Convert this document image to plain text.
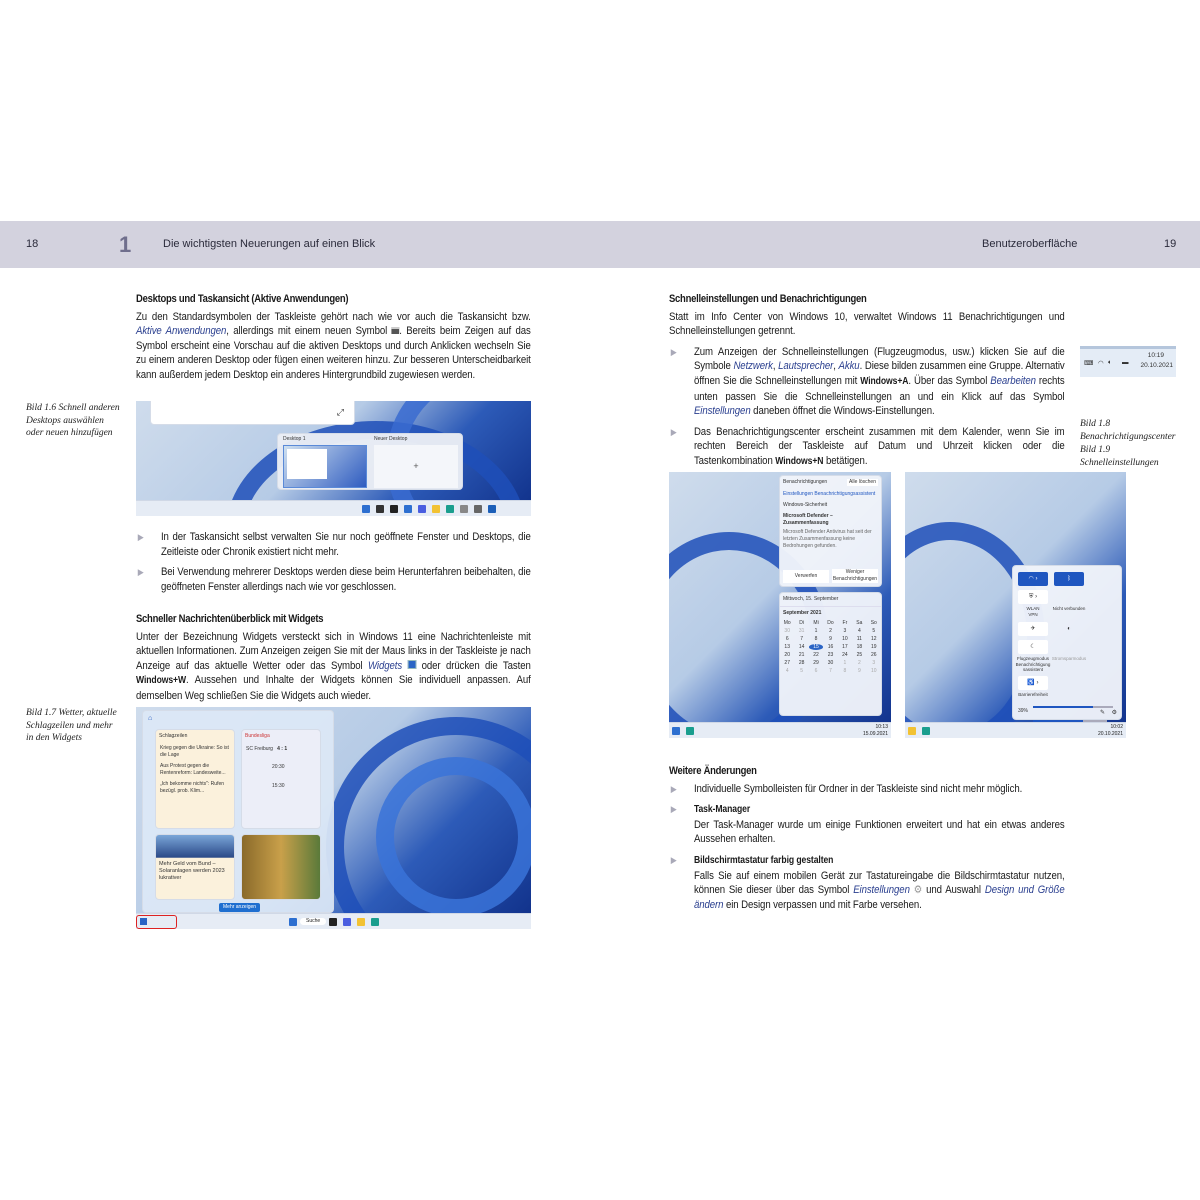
18	1	Die wichtigsten Neuerungen auf einen Blick	Benutzeroberfläche	19
Desktops und Taskansicht (Aktive Anwendungen)

Zu den Standardsymbolen der Taskleiste gehört nach wie vor auch die Taskansicht bzw. Aktive Anwendungen, allerdings mit einem neuen Symbol . Bereits beim Zeigen auf das Symbol erscheint eine Vorschau auf die aktiven Desktops und durch Anklicken wechseln Sie zu einem anderen Desktop oder fügen einen weiteren hinzu. Zur besseren Unterscheidbarkeit kann außerdem jedem Desktop ein anderes Hintergrundbild zugewiesen werden.

Bild 1.6 Schnell anderen Desktops auswählen oder neuen hinzufügen
⤢
Desktop 1	Neuer Desktop
+
▶ In der Taskansicht selbst verwalten Sie nur noch geöffnete Fenster und Desktops, die Zeitleiste oder Chronik existiert nicht mehr.
▶ Bei Verwendung mehrerer Desktops werden diese beim Herunterfahren beibehalten, die geöffneten Fenster allerdings nach wie vor geschlossen.
Schneller Nachrichtenüberblick mit Widgets

Unter der Bezeichnung Widgets versteckt sich in Windows 11 eine Nachrichtenleiste mit aktuellen Informationen. Zum Anzeigen zeigen Sie mit der Maus links in der Taskleiste je nach Anzeige auf das aktuelle Wetter oder das Symbol Widgets  oder drücken die Tasten Windows+W. Aussehen und Inhalte der Widgets können Sie individuell anpassen. Auf demselben Weg schließen Sie die Widgets auch wieder.

Bild 1.7 Wetter, aktuelle Schlagzeilen und mehr in den Widgets
⌂
Schlagzeilen
Krieg gegen die Ukraine: So ist die Lage
Aus Protest gegen die Rentenreform: Landesweite...
„Ich bekomme nichts": Rufen bezügl. prob. Klim...
Bundesliga
SC Freiburg 4 : 1
20:30
15:30
Mehr Geld vom Bund – Solaranlagen werden 2023 lukrativer
Mehr anzeigen
Suche
Schnelleinstellungen und Benachrichtigungen

Statt im Info Center von Windows 10, verwaltet Windows 11 Benachrichtigungen und Schnelleinstellungen getrennt.

▶ Zum Anzeigen der Schnelleinstellungen (Flugzeugmodus, usw.) klicken Sie auf die Symbole Netzwerk, Lautsprecher, Akku. Diese bilden zusammen eine Gruppe. Alternativ öffnen Sie die Schnelleinstellungen mit Windows+A. Über das Symbol Bearbeiten rechts unten passen Sie die Schnelleinstellungen an und ein Klick auf das Symbol Einstellungen daneben öffnet die Windows-Einstellungen.
▶ Das Benachrichtigungscenter erscheint zusammen mit dem Kalender, wenn Sie im rechten Bereich der Taskleiste auf Datum und Uhrzeit klicken oder die Tastenkombination Windows+N betätigen.
⌨ ◠ 🔈︎ ▬
10:19
20.10.2021
Bild 1.8 Benachrichtigungscenter
Bild 1.9 Schnelleinstellungen
Benachrichtigungen	Alle löschen
Einstellungen Benachrichtigungsassistent
Windows-Sicherheit
Microsoft Defender – Zusammenfassung
Microsoft Defender Antivirus hat seit der letzten Zusammenfassung keine Bedrohungen gefunden.
Verwerfen
Weniger Benachrichtigungen
Mittwoch, 15. September
September 2021
Mo	Di	Mi	Do	Fr	Sa	So
30	31	1	2	3	4	5
6	7	8	9	10	11	12
13	14	15	16	17	18	19
20	21	22	23	24	25	26
27	28	29	30	1	2	3
4	5	6	7	8	9	10
10:13
15.09.2021
◠ ›	ᛒ⛨ ›
WLAN	Nicht verbundenVPN
✈	◐☾
Flugzeugmodus StromsparmodusBenachrichtigungsassistent
♿ ›
Barrierefreiheit
39%	✎ ⚙
10:02
20.10.2021
Weitere Änderungen
▶ Individuelle Symbolleisten für Ordner in der Taskleiste sind nicht mehr möglich.
▶ Task-Manager
Der Task-Manager wurde um einige Funktionen erweitert und hat ein etwas anderes Aussehen erhalten.
▶ Bildschirmtastatur farbig gestalten
Falls Sie auf einem mobilen Gerät zur Tastatureingabe die Bildschirmtastatur nutzen, können Sie dieser über das Symbol Einstellungen ⚙ und Auswahl Design und Größe ändern ein Design verpassen und mit Farbe versehen.
